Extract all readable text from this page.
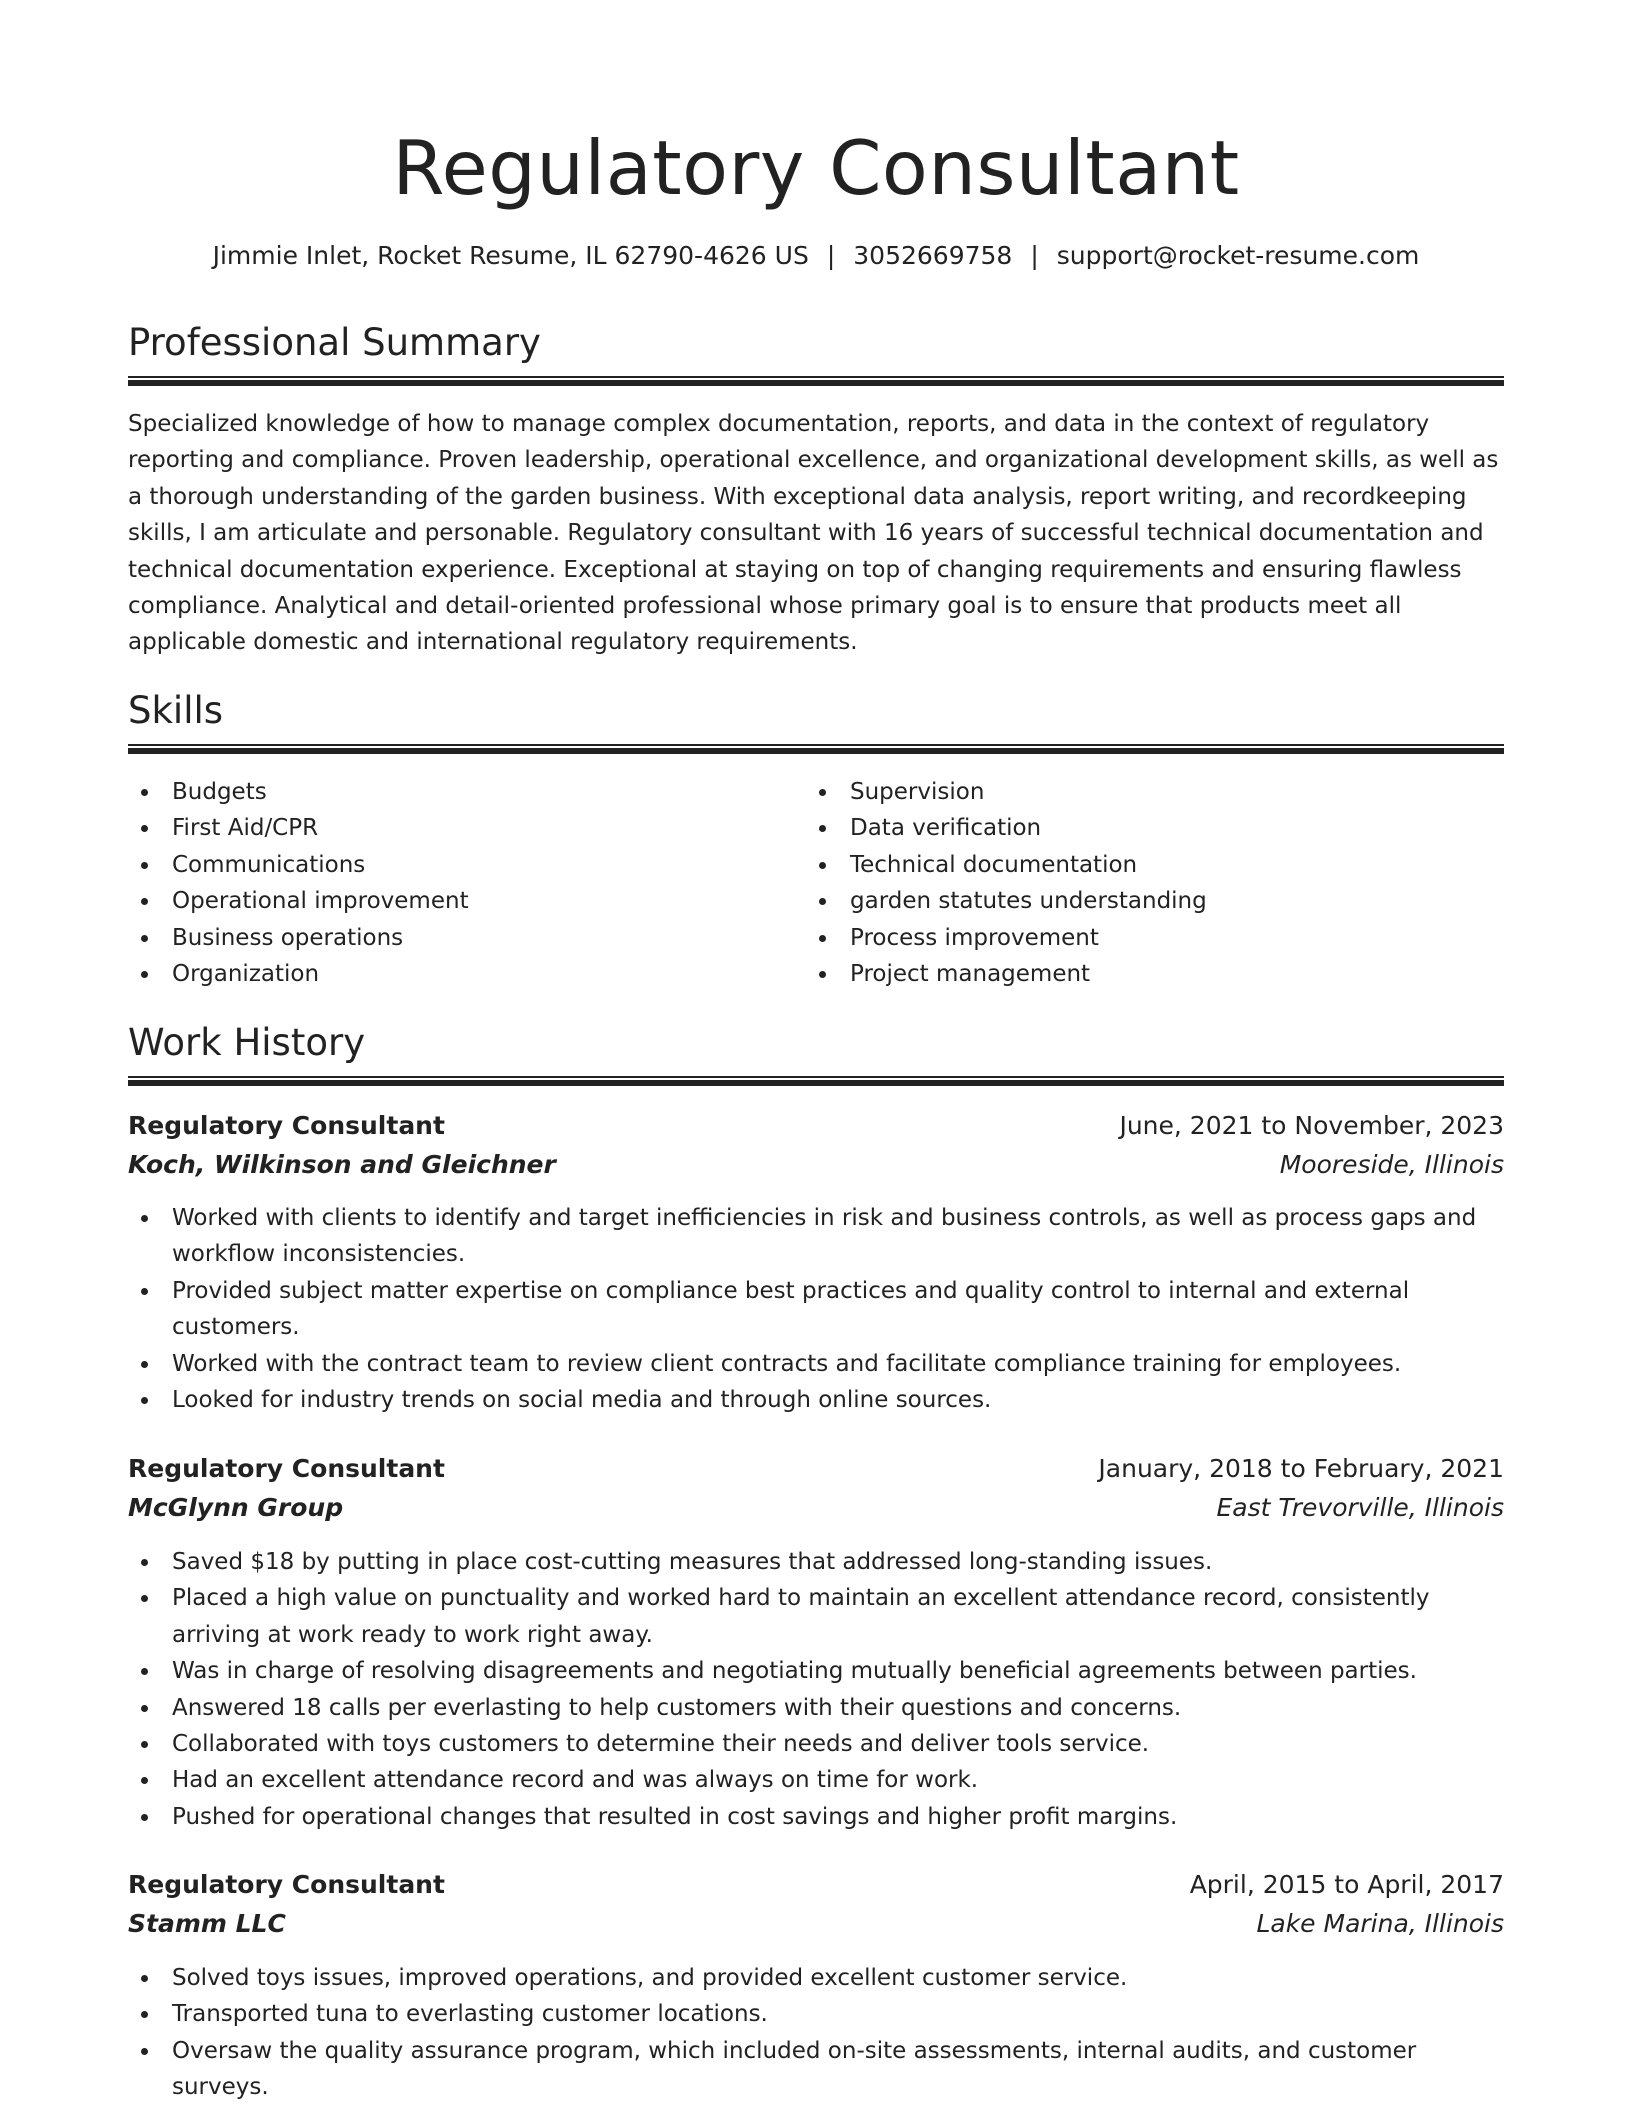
Regulatory Consultant
Jimmie Inlet, Rocket Resume, IL 62790-4626 US | 3052669758 | support@rocket-resume.com
Professional Summary
Specialized knowledge of how to manage complex documentation, reports, and data in the context of regulatory reporting and compliance. Proven leadership, operational excellence, and organizational development skills, as well as a thorough understanding of the garden business. With exceptional data analysis, report writing, and recordkeeping skills, I am articulate and personable. Regulatory consultant with 16 years of successful technical documentation and technical documentation experience. Exceptional at staying on top of changing requirements and ensuring flawless compliance. Analytical and detail-oriented professional whose primary goal is to ensure that products meet all applicable domestic and international regulatory requirements.
Skills
Budgets
First Aid/CPR
Communications
Operational improvement
Business operations
Organization
Supervision
Data verification
Technical documentation
garden statutes understanding
Process improvement
Project management
Work History
Regulatory Consultant	June, 2021 to November, 2023
Koch, Wilkinson and Gleichner	Mooreside, Illinois
Worked with clients to identify and target inefficiencies in risk and business controls, as well as process gaps and workflow inconsistencies.
Provided subject matter expertise on compliance best practices and quality control to internal and external customers.
Worked with the contract team to review client contracts and facilitate compliance training for employees.
Looked for industry trends on social media and through online sources.
Regulatory Consultant	January, 2018 to February, 2021
McGlynn Group	East Trevorville, Illinois
Saved $18 by putting in place cost-cutting measures that addressed long-standing issues.
Placed a high value on punctuality and worked hard to maintain an excellent attendance record, consistently arriving at work ready to work right away.
Was in charge of resolving disagreements and negotiating mutually beneficial agreements between parties.
Answered 18 calls per everlasting to help customers with their questions and concerns.
Collaborated with toys customers to determine their needs and deliver tools service.
Had an excellent attendance record and was always on time for work.
Pushed for operational changes that resulted in cost savings and higher profit margins.
Regulatory Consultant	April, 2015 to April, 2017
Stamm LLC	Lake Marina, Illinois
Solved toys issues, improved operations, and provided excellent customer service.
Transported tuna to everlasting customer locations.
Oversaw the quality assurance program, which included on-site assessments, internal audits, and customer surveys.
